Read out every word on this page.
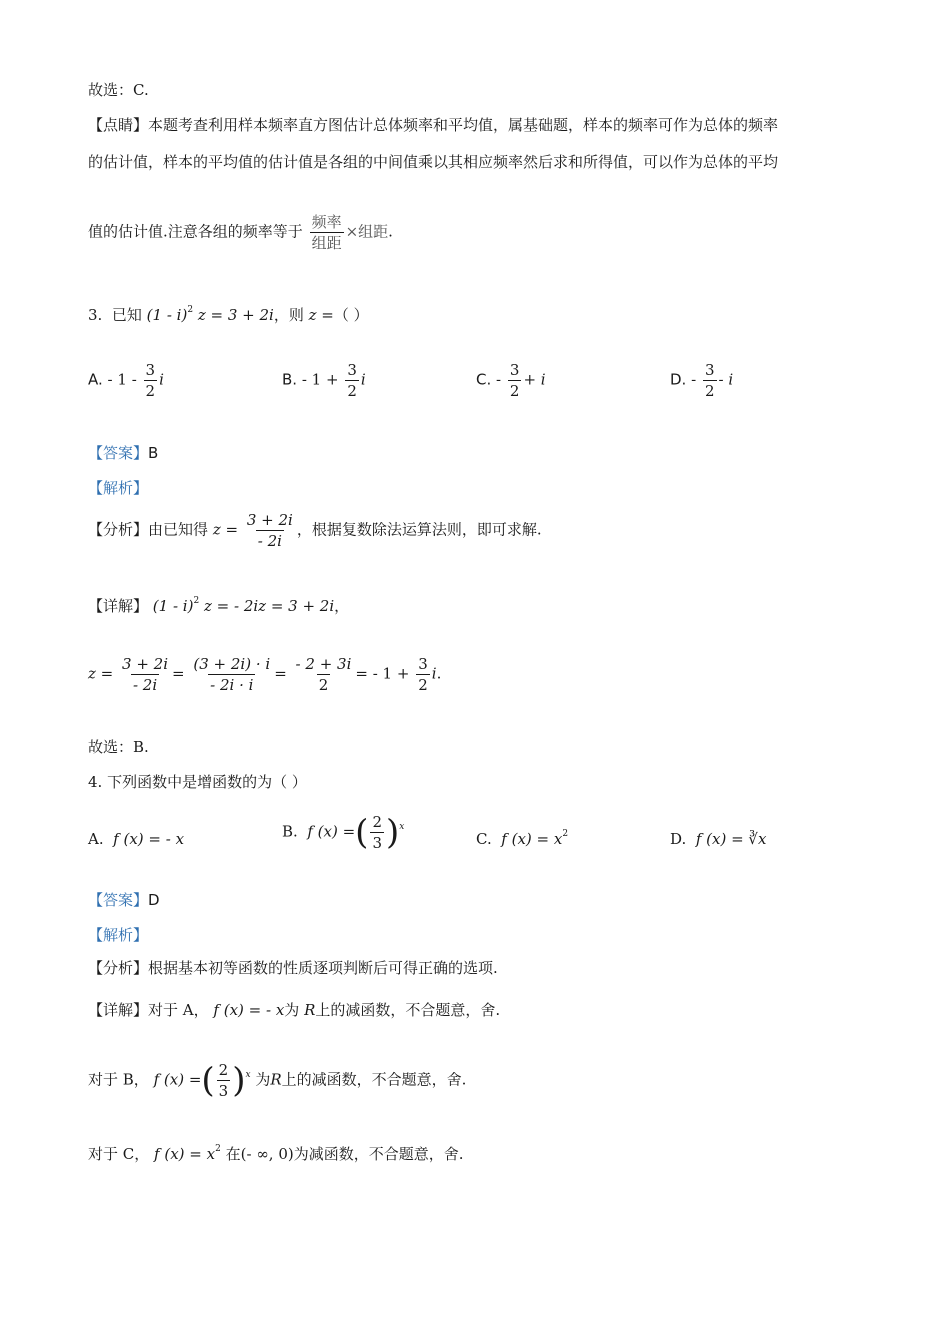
故选：C.
【点睛】本题考查利用样本频率直方图估计总体频率和平均值，属基础题，样本的频率可作为总体的频率
的估计值，样本的平均值的估计值是各组的中间值乘以其相应频率然后求和所得值，可以作为总体的平均
值的估计值.注意各组的频率等于 $\frac{\text{频率}}{\text{组距}}$ ×组距.
3. 已知 (1 - i)$^2$ z = 3 + 2i，则 z =（ ）
A. - $1 - \frac{3}{2}$ i	B. - $1 + \frac{3}{2}$ i	C. - $\frac{3}{2} + i$	D. - $\frac{3}{2}$ - i
【答案】B
【解析】
【分析】由已知得 $z = \frac{3 + 2i}{- 2i}$ ，根据复数除法运算法则，即可求解.
【详解】 (1 - i)$^2$ z = - 2iz = 3 + 2i，
$z = \frac{3 + 2i}{- 2i} = \frac{(3 + 2i) \cdot i}{- 2i \cdot i} = \frac{- 2 + 3i}{2}$ = - $1 + \frac{3}{2} i$.
故选：B.
4. 下列函数中是增函数的为（ ）
A. f (x) = - x	B. f (x) =( $\frac{2}{3} )^x$
C. f $(x) = x^2$	D. f (x) = ∛x
【答案】D
【解析】
【分析】根据基本初等函数的性质逐项判断后可得正确的选项.
【详解】对于 A， f (x) = - x为 R上的减函数，不合题意，舍.
对于 B， f (x) =( $\frac{2}{3} )^x$ 为R上的减函数，不合题意，舍.
对于 C， f $(x) = x^2$ 在(- ∞, 0)为减函数，不合题意，舍.
